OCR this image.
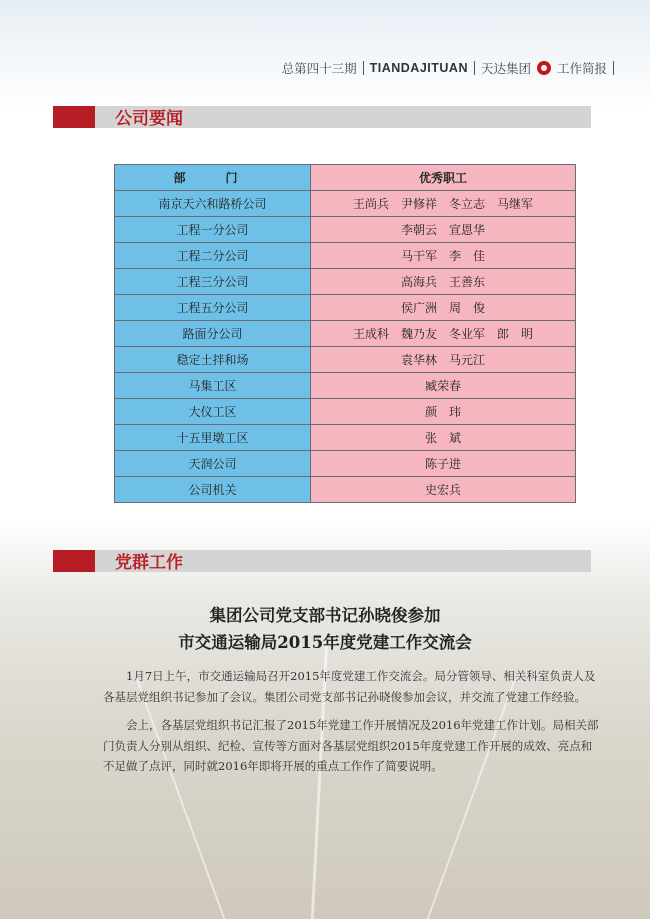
总第四十三期 TIANDAJITUAN 天达集团 工作简报
公司要闻
部　门	优秀职工
南京天六和路桥公司	王尚兵　尹修祥　冬立志　马继军
工程一分公司	李朝云　宣恩华
工程二分公司	马干军　李　佳
工程三分公司	高海兵　王善东
工程五分公司	侯广洲　周　俊
路面分公司	王成科　魏乃友　冬业军　郎　明
稳定土拌和场	袁华林　马元江
马集工区	臧荣春
大仪工区	颜　玮
十五里墩工区	张　斌
天润公司	陈子进
公司机关	史宏兵
党群工作
集团公司党支部书记孙晓俊参加
市交通运输局2015年度党建工作交流会

1月7日上午，市交通运输局召开2015年度党建工作交流会。局分管领导、相关科室负责人及各基层党组织书记参加了会议。集团公司党支部书记孙晓俊参加会议，并交流了党建工作经验。

会上，各基层党组织书记汇报了2015年党建工作开展情况及2016年党建工作计划。局相关部门负责人分别从组织、纪检、宣传等方面对各基层党组织2015年度党建工作开展的成效、亮点和不足做了点评，同时就2016年即将开展的重点工作作了简要说明。
